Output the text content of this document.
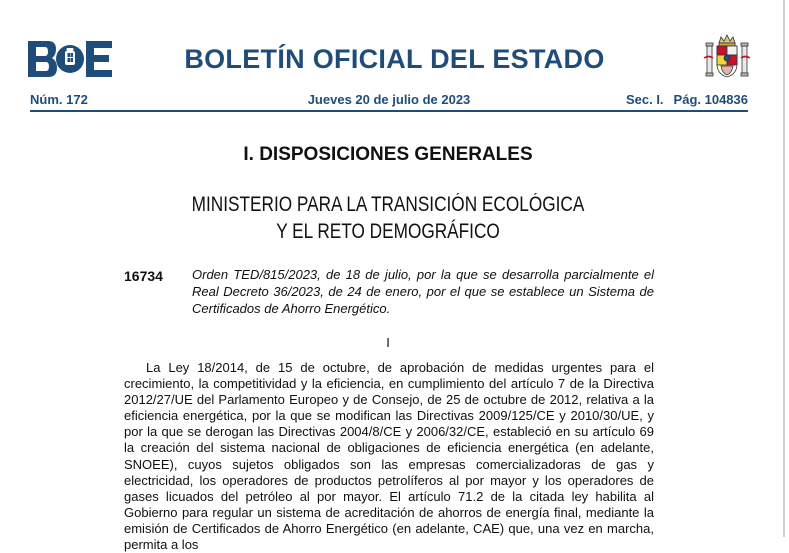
BOLETÍN OFICIAL DEL ESTADO
Núm. 172	Jueves 20 de julio de 2023	Sec. I. Pág. 104836
I. DISPOSICIONES GENERALES
MINISTERIO PARA LA TRANSICIÓN ECOLÓGICA
Y EL RETO DEMOGRÁFICO
16734 Orden TED/815/2023, de 18 de julio, por la que se desarrolla parcialmente el Real Decreto 36/2023, de 24 de enero, por el que se establece un Sistema de Certificados de Ahorro Energético.
I
La Ley 18/2014, de 15 de octubre, de aprobación de medidas urgentes para el crecimiento, la competitividad y la eficiencia, en cumplimiento del artículo 7 de la Directiva 2012/27/UE del Parlamento Europeo y de Consejo, de 25 de octubre de 2012, relativa a la eficiencia energética, por la que se modifican las Directivas 2009/125/CE y 2010/30/UE, y por la que se derogan las Directivas 2004/8/CE y 2006/32/CE, estableció en su artículo 69 la creación del sistema nacional de obligaciones de eficiencia energética (en adelante, SNOEE), cuyos sujetos obligados son las empresas comercializadoras de gas y electricidad, los operadores de productos petrolíferos al por mayor y los operadores de gases licuados del petróleo al por mayor. El artículo 71.2 de la citada ley habilita al Gobierno para regular un sistema de acreditación de ahorros de energía final, mediante la emisión de Certificados de Ahorro Energético (en adelante, CAE) que, una vez en marcha, permita a los
